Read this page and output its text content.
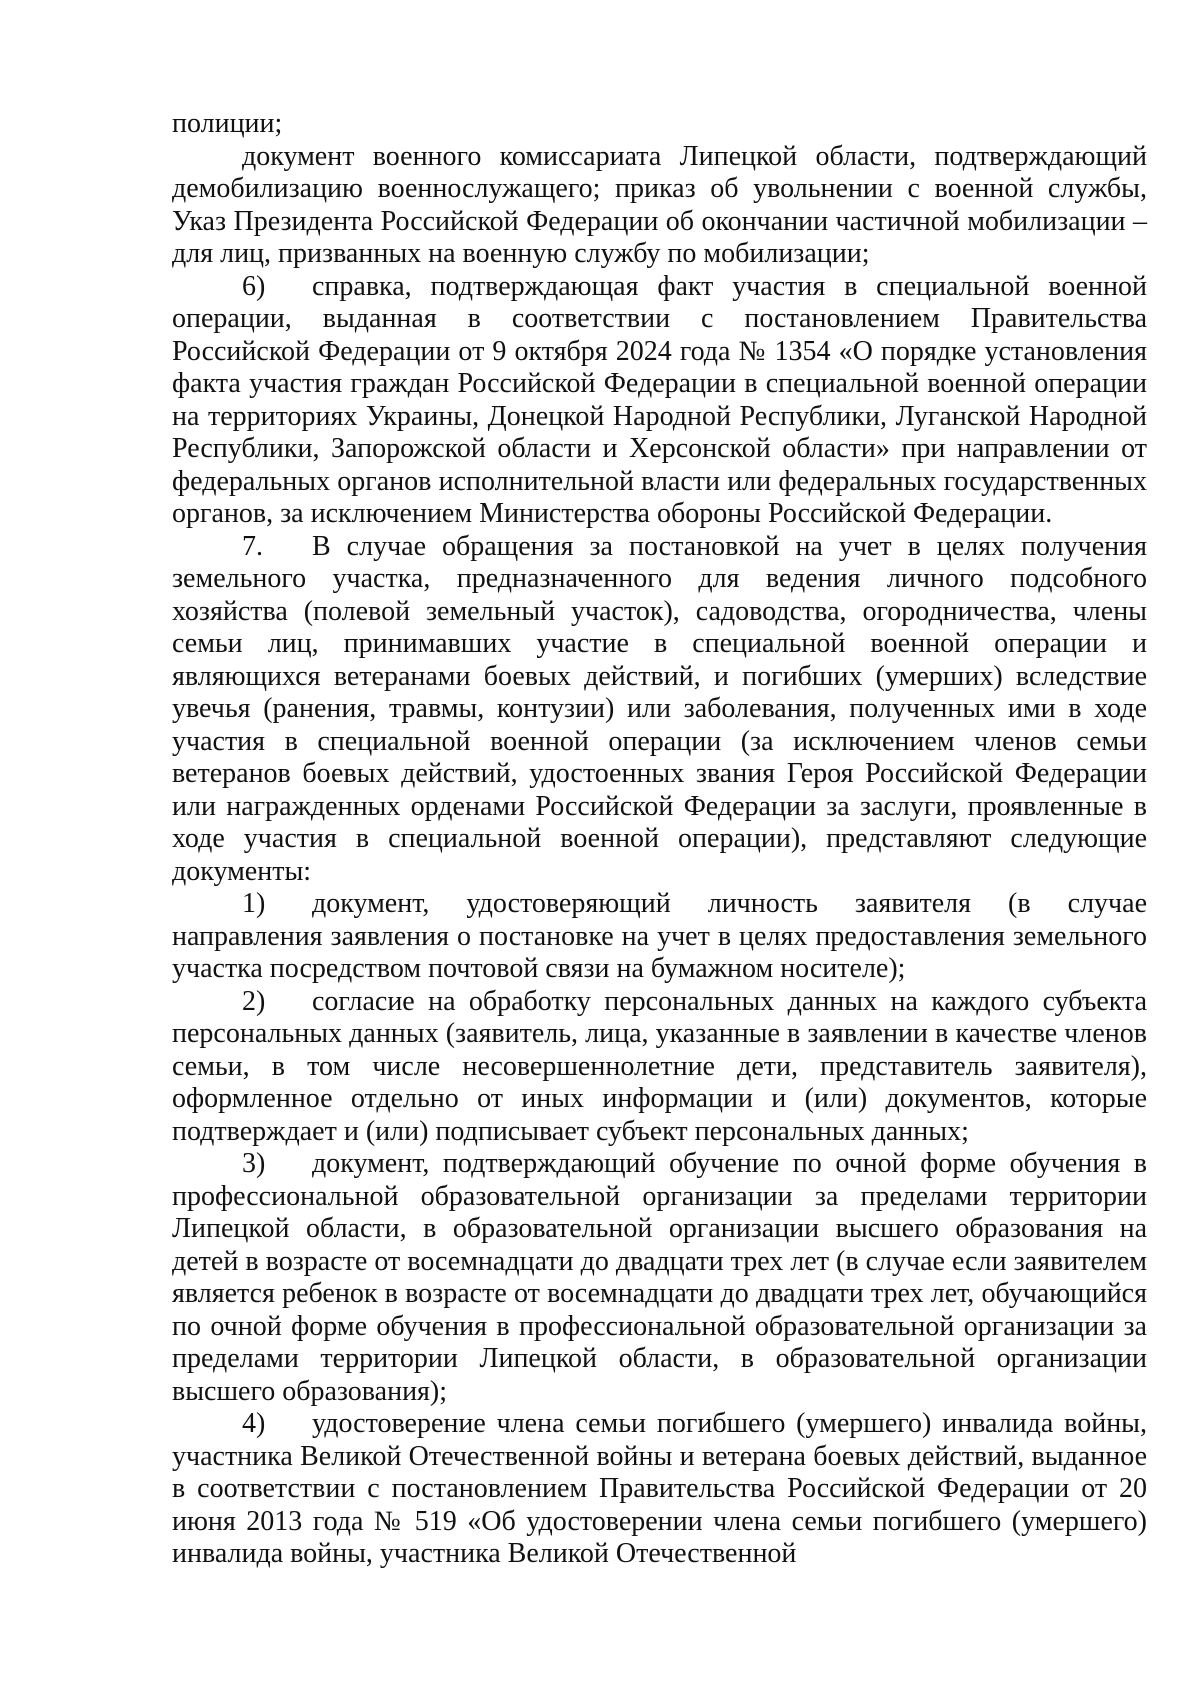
полиции;

документ военного комиссариата Липецкой области, подтверждающий демобилизацию военнослужащего; приказ об увольнении с военной службы, Указ Президента Российской Федерации об окончании частичной мобилизации – для лиц, призванных на военную службу по мобилизации;

6) справка, подтверждающая факт участия в специальной военной операции, выданная в соответствии с постановлением Правительства Российской Федерации от 9 октября 2024 года № 1354 «О порядке установления факта участия граждан Российской Федерации в специальной военной операции на территориях Украины, Донецкой Народной Республики, Луганской Народной Республики, Запорожской области и Херсонской области» при направлении от федеральных органов исполнительной власти или федеральных государственных органов, за исключением Министерства обороны Российской Федерации.

7. В случае обращения за постановкой на учет в целях получения земельного участка, предназначенного для ведения личного подсобного хозяйства (полевой земельный участок), садоводства, огородничества, члены семьи лиц, принимавших участие в специальной военной операции и являющихся ветеранами боевых действий, и погибших (умерших) вследствие увечья (ранения, травмы, контузии) или заболевания, полученных ими в ходе участия в специальной военной операции (за исключением членов семьи ветеранов боевых действий, удостоенных звания Героя Российской Федерации или награжденных орденами Российской Федерации за заслуги, проявленные в ходе участия в специальной военной операции), представляют следующие документы:

1) документ, удостоверяющий личность заявителя (в случае направления заявления о постановке на учет в целях предоставления земельного участка посредством почтовой связи на бумажном носителе);

2) согласие на обработку персональных данных на каждого субъекта персональных данных (заявитель, лица, указанные в заявлении в качестве членов семьи, в том числе несовершеннолетние дети, представитель заявителя), оформленное отдельно от иных информации и (или) документов, которые подтверждает и (или) подписывает субъект персональных данных;

3) документ, подтверждающий обучение по очной форме обучения в профессиональной образовательной организации за пределами территории Липецкой области, в образовательной организации высшего образования на детей в возрасте от восемнадцати до двадцати трех лет (в случае если заявителем является ребенок в возрасте от восемнадцати до двадцати трех лет, обучающийся по очной форме обучения в профессиональной образовательной организации за пределами территории Липецкой области, в образовательной организации высшего образования);

4) удостоверение члена семьи погибшего (умершего) инвалида войны, участника Великой Отечественной войны и ветерана боевых действий, выданное в соответствии с постановлением Правительства Российской Федерации от 20 июня 2013 года № 519 «Об удостоверении члена семьи погибшего (умершего) инвалида войны, участника Великой Отечественной
